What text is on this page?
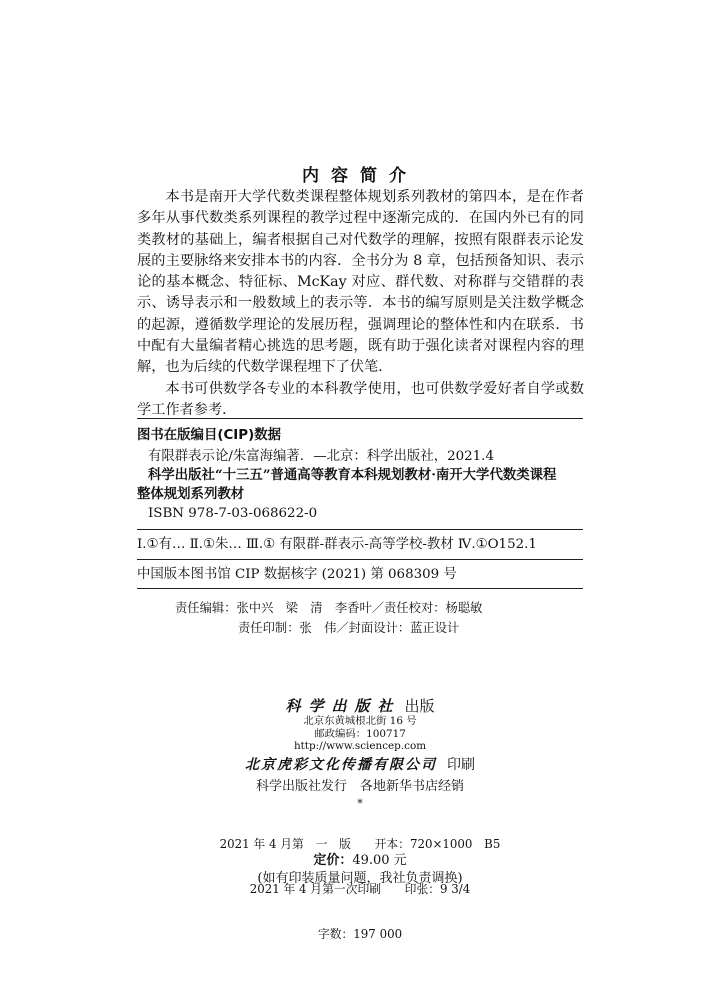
内容简介

本书是南开大学代数类课程整体规划系列教材的第四本，是在作者多年从事代数类系列课程的教学过程中逐渐完成的．在国内外已有的同类教材的基础上，编者根据自己对代数学的理解，按照有限群表示论发展的主要脉络来安排本书的内容．全书分为 8 章，包括预备知识、表示论的基本概念、特征标、McKay 对应、群代数、对称群与交错群的表示、诱导表示和一般数域上的表示等．本书的编写原则是关注数学概念的起源，遵循数学理论的发展历程，强调理论的整体性和内在联系．书中配有大量编者精心挑选的思考题，既有助于强化读者对课程内容的理解，也为后续的代数学课程埋下了伏笔．

本书可供数学各专业的本科教学使用，也可供数学爱好者自学或数学工作者参考．

图书在版编目(CIP)数据
有限群表示论/朱富海编著．—北京：科学出版社，2021.4
科学出版社“十三五”普通高等教育本科规划教材·南开大学代数类课程
整体规划系列教材
ISBN 978-7-03-068622-0
Ⅰ.①有… Ⅱ.①朱… Ⅲ.① 有限群-群表示-高等学校-教材 Ⅳ.①O152.1
中国版本图书馆 CIP 数据核字 (2021) 第 068309 号
责任编辑：张中兴　梁　清　李香叶／责任校对：杨聪敏
责任印制：张　伟／封面设计：蓝正设计
科学出版社 出版
北京东黄城根北街 16 号
邮政编码：100717
http://www.sciencep.com
北京虎彩文化传播有限公司 印刷
科学出版社发行　各地新华书店经销
*

2021 年 4 月第　一　版　　开本：720×1000　B5

2021 年 4 月第一次印刷　　印张：9 3/4

字数：197 000

定价：49.00 元
(如有印装质量问题，我社负责调换)
